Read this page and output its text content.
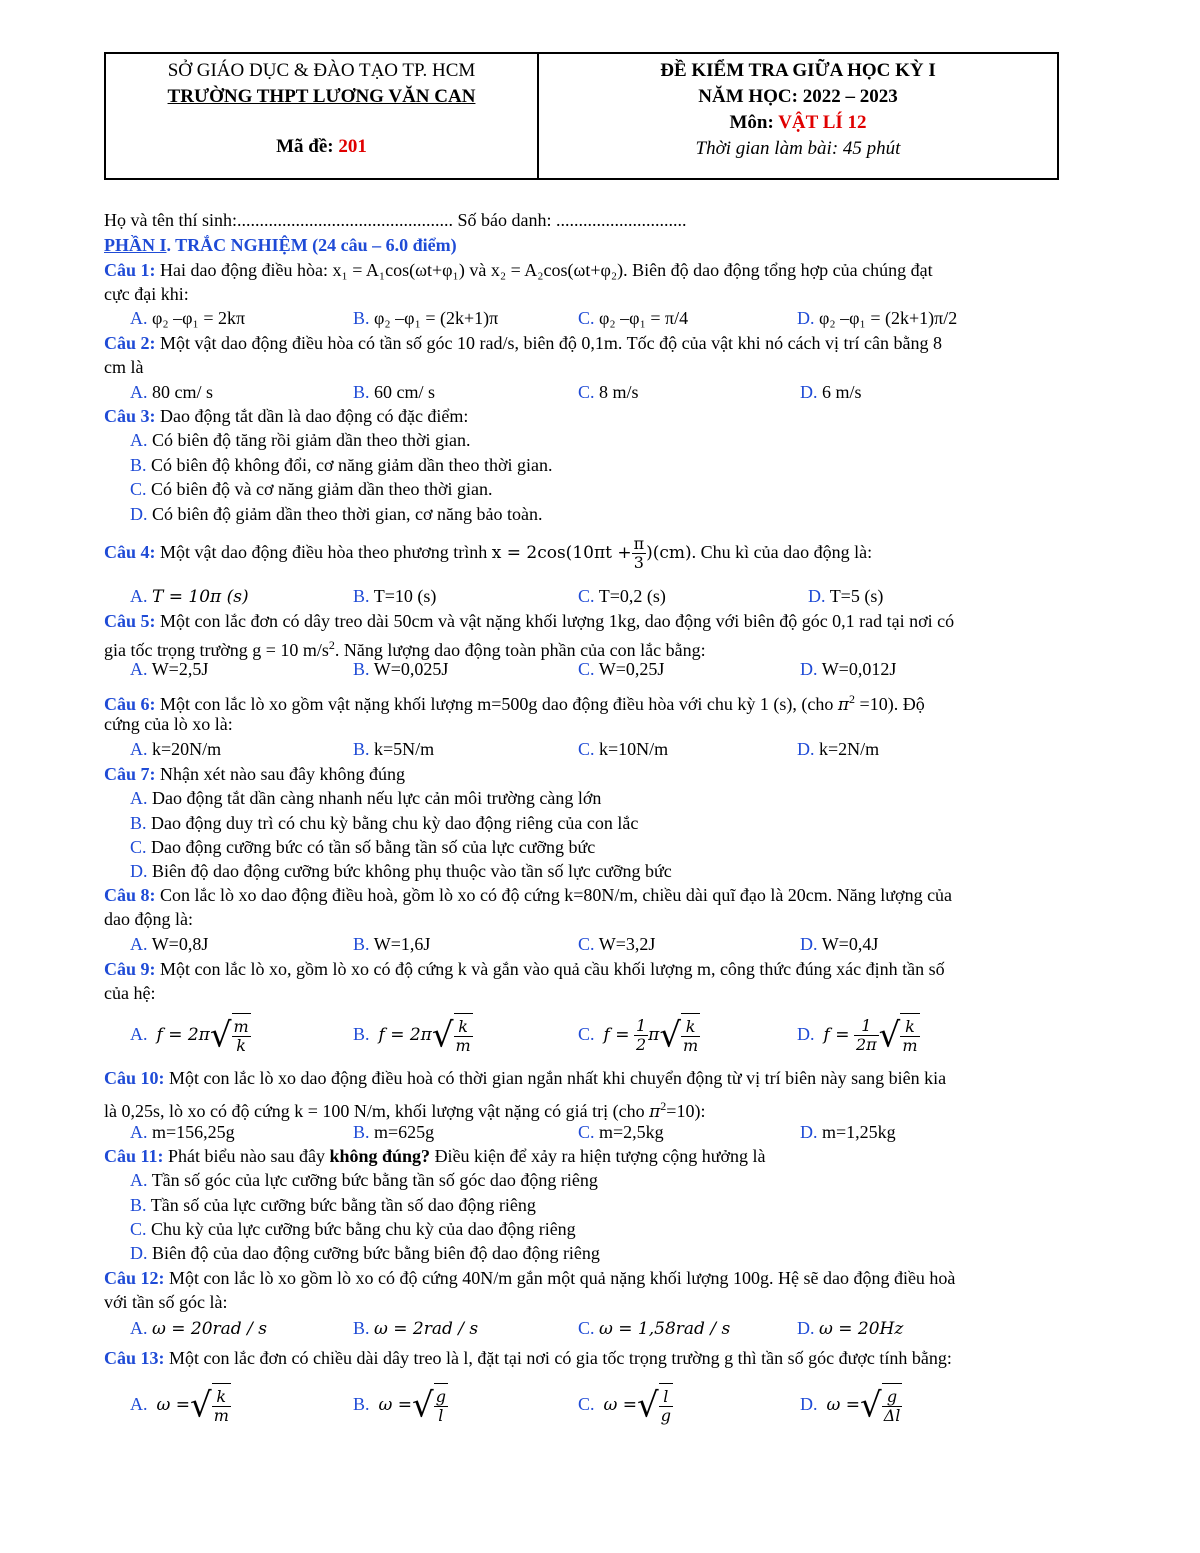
SỞ GIÁO DỤC & ĐÀO TẠO TP. HCM
TRƯỜNG THPT LƯƠNG VĂN CAN
Mã đề: 201
ĐỀ KIỂM TRA GIỮA HỌC KỲ I
NĂM HỌC: 2022 – 2023
Môn: VẬT LÍ 12
Thời gian làm bài: 45 phút
Họ và tên thí sinh:................................................ Số báo danh: .............................
PHẦN I. TRẮC NGHIỆM (24 câu – 6.0 điểm)
Câu 1: Hai dao động điều hòa: x₁ = A₁cos(ωt+φ₁) và x₂ = A₂cos(ωt+φ₂). Biên độ dao động tổng hợp của chúng đạt
cực đại khi:
A. φ₂ –φ₁ = 2kπ	B. φ₂ –φ₁ = (2k+1)π	C. φ₂ –φ₁ = π/4	D. φ₂ –φ₁ = (2k+1)π/2
Câu 2: Một vật dao động điều hòa có tần số góc 10 rad/s, biên độ 0,1m. Tốc độ của vật khi nó cách vị trí cân bằng 8
cm là
A. 80 cm/ s	B. 60 cm/ s	C. 8 m/s	D. 6 m/s
Câu 3: Dao động tắt dần là dao động có đặc điểm:
A. Có biên độ tăng rồi giảm dần theo thời gian.
B. Có biên độ không đổi, cơ năng giảm dần theo thời gian.
C. Có biên độ và cơ năng giảm dần theo thời gian.
D. Có biên độ giảm dần theo thời gian, cơ năng bảo toàn.
Câu 4: Một vật dao động điều hòa theo phương trình $x = 2\cos(10\pi t + \frac{\pi}{3} )(cm)$. Chu kì của dao động là:
A. T = 10π (s)	B. T=10 (s)	C. T=0,2 (s)	D. T=5 (s)
Câu 5: Một con lắc đơn có dây treo dài 50cm và vật nặng khối lượng 1kg, dao động với biên độ góc 0,1 rad tại nơi có
gia tốc trọng trường g = 10 $m/s^2$. Năng lượng dao động toàn phần của con lắc bằng:
A. W=2,5J	B. W=0,025J	C. W=0,25J	D. W=0,012J
Câu 6: Một con lắc lò xo gồm vật nặng khối lượng m=500g dao động điều hòa với chu kỳ 1 (s), (cho $\pi^2 =10$). Độ
cứng của lò xo là:
A. k=20N/m	B. k=5N/m	C. k=10N/m	D. k=2N/m
Câu 7: Nhận xét nào sau đây không đúng
A. Dao động tắt dần càng nhanh nếu lực cản môi trường càng lớn
B. Dao động duy trì có chu kỳ bằng chu kỳ dao động riêng của con lắc
C. Dao động cưỡng bức có tần số bằng tần số của lực cưỡng bức
D. Biên độ dao động cưỡng bức không phụ thuộc vào tần số lực cưỡng bức
Câu 8: Con lắc lò xo dao động điều hoà, gồm lò xo có độ cứng k=80N/m, chiều dài quĩ đạo là 20cm. Năng lượng của
dao động là:
A. W=0,8J	B. W=1,6J	C. W=3,2J	D. W=0,4J
Câu 9: Một con lắc lò xo, gồm lò xo có độ cứng k và gắn vào quả cầu khối lượng m, công thức đúng xác định tần số
của hệ:
A. $f = 2\pi√ \frac{m}{k}$	B. $f = 2\pi√ \frac{k}{m}$	C. $f = \frac{1}{2} \pi√ \frac{k}{m}$	D. $f = \frac{1}{2\pi}$ √ $\frac{k}{m}$
Câu 10: Một con lắc lò xo dao động điều hoà có thời gian ngắn nhất khi chuyển động từ vị trí biên này sang biên kia
là 0,25s, lò xo có độ cứng k = 100 N/m, khối lượng vật nặng có giá trị (cho $\pi^2=10$):
A. m=156,25g	B. m=625g	C. m=2,5kg	D. m=1,25kg
Câu 11: Phát biểu nào sau đây không đúng? Điều kiện để xảy ra hiện tượng cộng hưởng là
A. Tần số góc của lực cưỡng bức bằng tần số góc dao động riêng
B. Tần số của lực cưỡng bức bằng tần số dao động riêng
C. Chu kỳ của lực cưỡng bức bằng chu kỳ của dao động riêng
D. Biên độ của dao động cưỡng bức bằng biên độ dao động riêng
Câu 12: Một con lắc lò xo gồm lò xo có độ cứng 40N/m gắn một quả nặng khối lượng 100g. Hệ sẽ dao động điều hoà
với tần số góc là:
A. ω = 20rad / s	B. ω = 2rad / s	C. ω = 1,58rad / s	D. ω = 20Hz
Câu 13: Một con lắc đơn có chiều dài dây treo là l, đặt tại nơi có gia tốc trọng trường g thì tần số góc được tính bằng:
A. ω =√ $\frac{k}{m}$	B. ω =√ $\frac{g}{l}$	C. ω =√ $\frac{l}{g}$	D. ω =√ $\frac{g}{\Delta l}$
